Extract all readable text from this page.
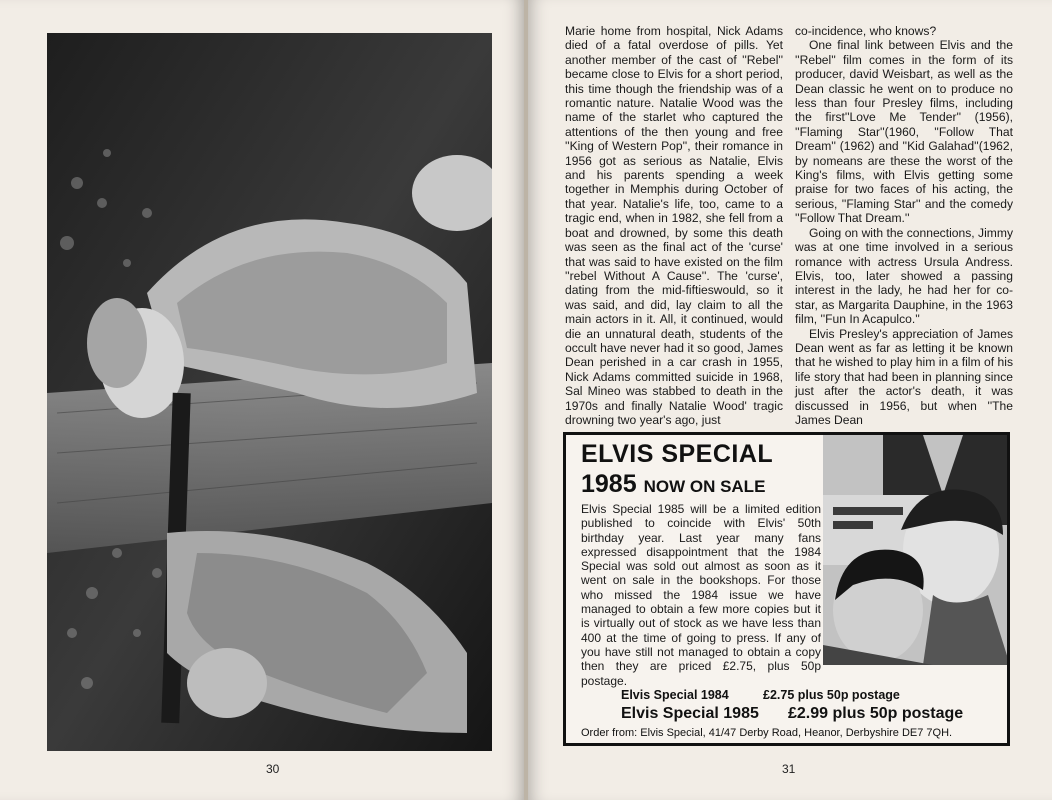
30

Marie home from hospital, Nick Adams died of a fatal overdose of pills. Yet another member of the cast of ''Rebel'' became close to Elvis for a short period, this time though the friendship was of a romantic nature. Natalie Wood was the name of the starlet who captured the attentions of the then young and free ''King of Western Pop'', their romance in 1956 got as serious as Natalie, Elvis and his parents spending a week together in Memphis during October of that year. Natalie's life, too, came to a tragic end, when in 1982, she fell from a boat and drowned, by some this death was seen as the final act of the 'curse' that was said to have existed on the film ''rebel Without A Cause''. The 'curse', dating from the mid-fiftieswould, so it was said, and did, lay claim to all the main actors in it. All, it continued, would die an unnatural death, students of the occult have never had it so good, James Dean perished in a car crash in 1955, Nick Adams committed suicide in 1968, Sal Mineo was stabbed to death in the 1970s and finally Natalie Wood' tragic drowning two year's ago, just

co-incidence, who knows?

One final link between Elvis and the ''Rebel'' film comes in the form of its producer, david Weisbart, as well as the Dean classic he went on to produce no less than four Presley films, including the first''Love Me Tender'' (1956), ''Flaming Star''(1960, ''Follow That Dream'' (1962) and ''Kid Galahad''(1962, by nomeans are these the worst of the King's films, with Elvis getting some praise for two faces of his acting, the serious, ''Flaming Star'' and the comedy ''Follow That Dream.''

Going on with the connections, Jimmy was at one time involved in a serious romance with actress Ursula Andress. Elvis, too, later showed a passing interest in the lady, he had her for co-star, as Margarita Dauphine, in the 1963 film, ''Fun In Acapulco.''

Elvis Presley's appreciation of James Dean went as far as letting it be known that he wished to play him in a film of his life story that had been in planning since just after the actor's death, it was discussed in 1956, but when ''The James Dean

ELVIS SPECIAL
1985 NOW ON SALE
Elvis Special 1985 will be a limited edition published to coincide with Elvis' 50th birthday year. Last year many fans expressed disappointment that the 1984 Special was sold out almost as soon as it went on sale in the bookshops. For those who missed the 1984 issue we have managed to obtain a few more copies but it is virtually out of stock as we have less than 400 at the time of going to press. If any of you have still not managed to obtain a copy then they are priced £2.75, plus 50p postage.
Elvis Special 1984	£2.75 plus 50p postage
Elvis Special 1985 £2.99 plus 50p postage
Order from: Elvis Special, 41/47 Derby Road, Heanor, Derbyshire DE7 7QH.
31
